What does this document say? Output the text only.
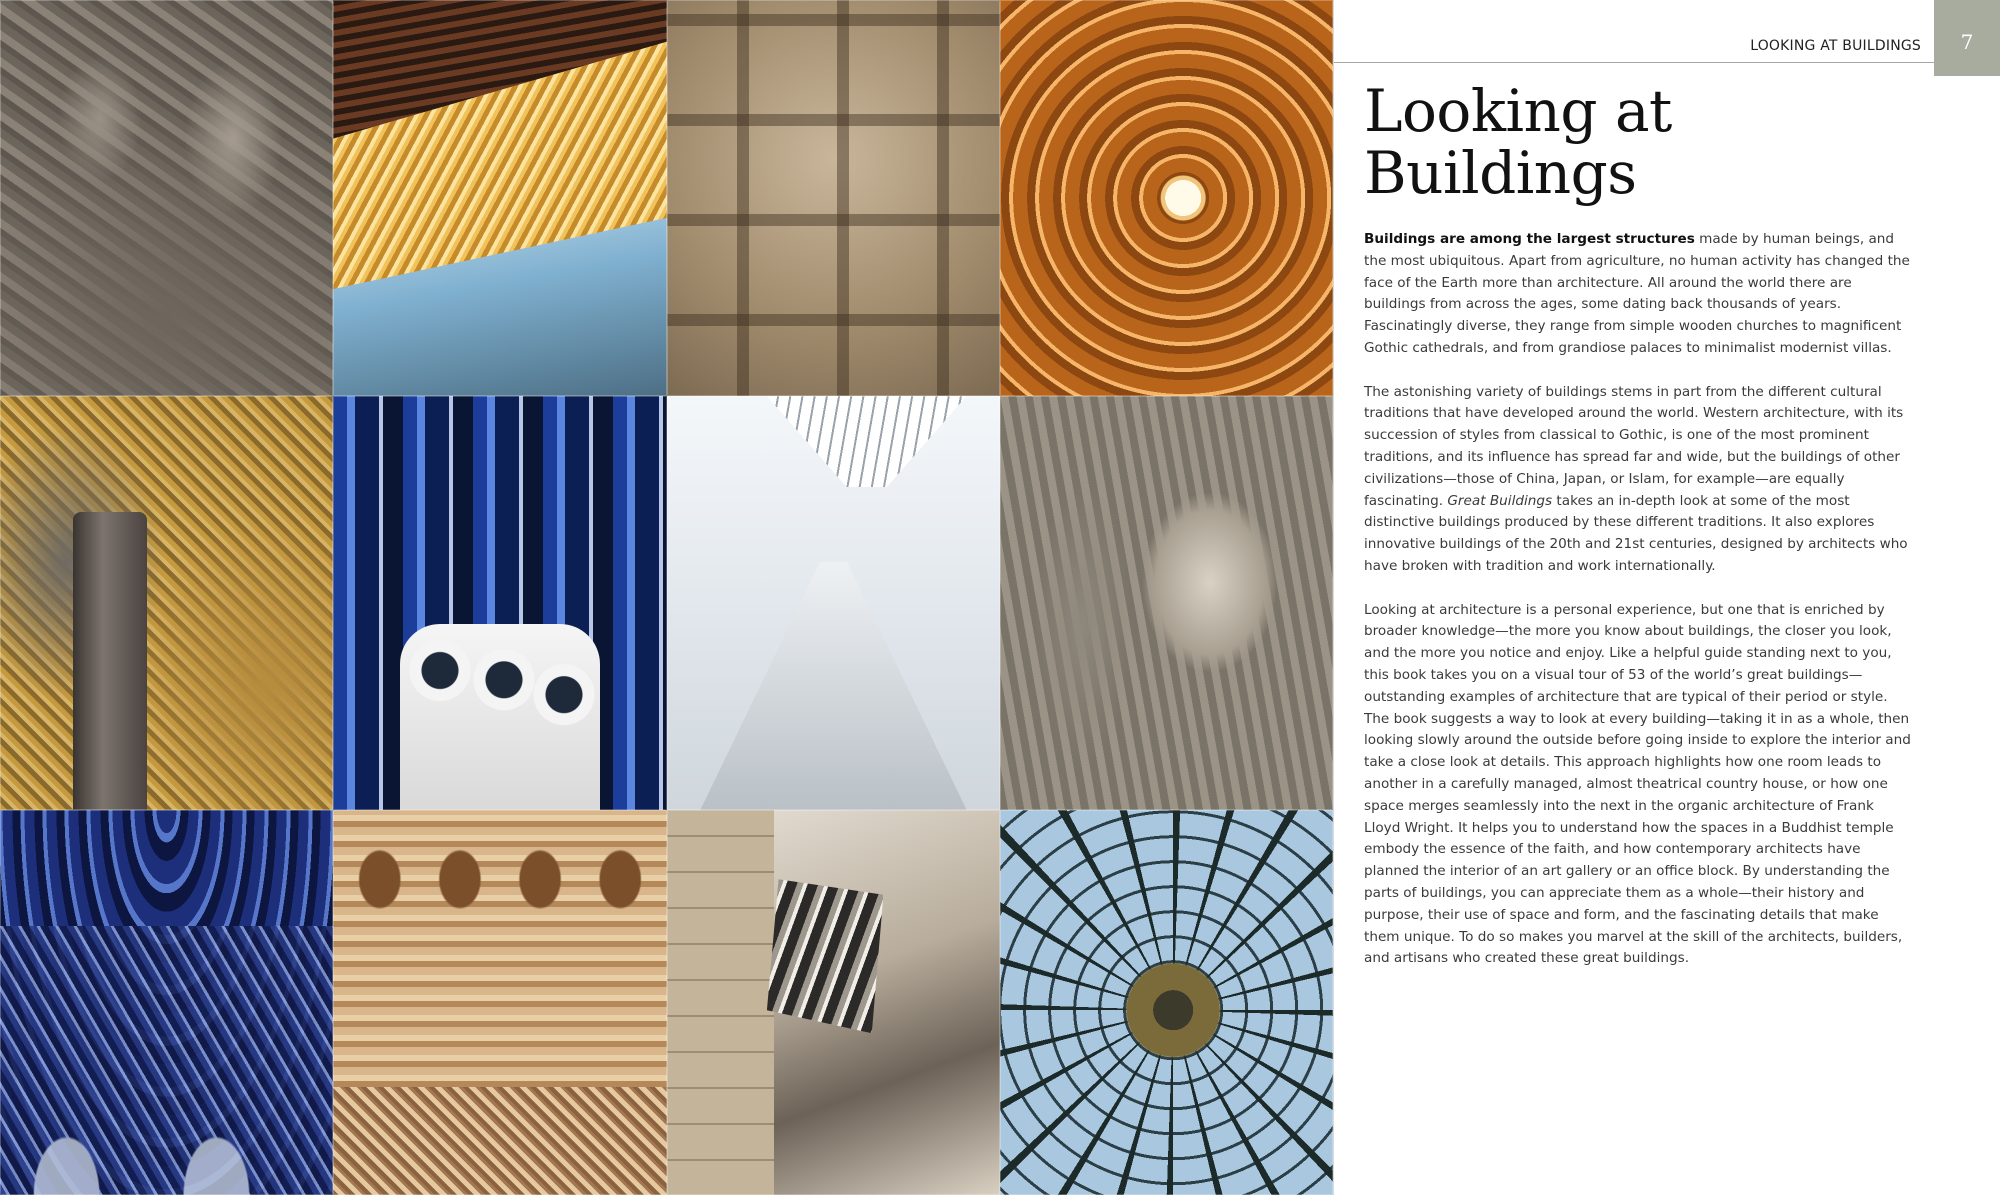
LOOKING AT BUILDINGS 7
Looking at
Buildings

Buildings are among the largest structures made by human beings, and the most ubiquitous. Apart from agriculture, no human activity has changed the face of the Earth more than architecture. All around the world there are buildings from across the ages, some dating back thousands of years. Fascinatingly diverse, they range from simple wooden churches to magnificent Gothic cathedrals, and from grandiose palaces to minimalist modernist villas.

The astonishing variety of buildings stems in part from the different cultural traditions that have developed around the world. Western architecture, with its succession of styles from classical to Gothic, is one of the most prominent traditions, and its influence has spread far and wide, but the buildings of other civilizations—those of China, Japan, or Islam, for example—are equally fascinating. Great Buildings takes an in-depth look at some of the most distinctive buildings produced by these different traditions. It also explores innovative buildings of the 20th and 21st centuries, designed by architects who have broken with tradition and work internationally.

Looking at architecture is a personal experience, but one that is enriched by broader knowledge—the more you know about buildings, the closer you look, and the more you notice and enjoy. Like a helpful guide standing next to you, this book takes you on a visual tour of 53 of the world’s great buildings—outstanding examples of architecture that are typical of their period or style. The book suggests a way to look at every building—taking it in as a whole, then looking slowly around the outside before going inside to explore the interior and take a close look at details. This approach highlights how one room leads to another in a carefully managed, almost theatrical country house, or how one space merges seamlessly into the next in the organic architecture of Frank Lloyd Wright. It helps you to understand how the spaces in a Buddhist temple embody the essence of the faith, and how contemporary architects have planned the interior of an art gallery or an office block. By understanding the parts of buildings, you can appreciate them as a whole—their history and purpose, their use of space and form, and the fascinating details that make them unique. To do so makes you marvel at the skill of the architects, builders, and artisans who created these great buildings.
